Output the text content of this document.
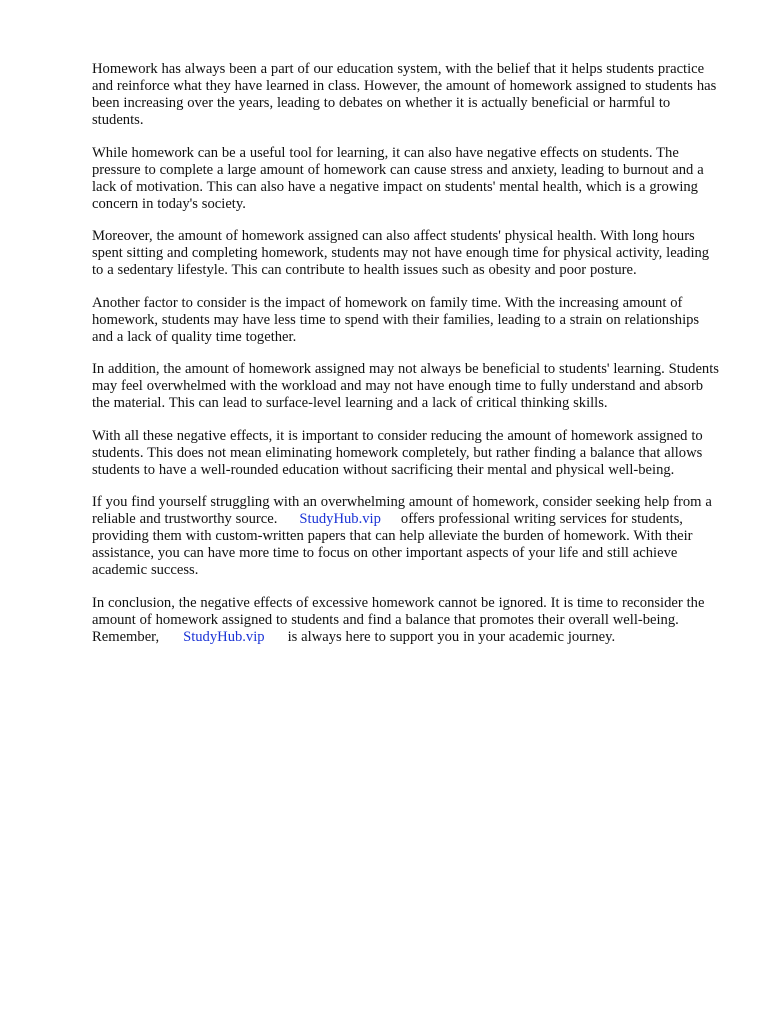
Homework has always been a part of our education system, with the belief that it helps students practice and reinforce what they have learned in class. However, the amount of homework assigned to students has been increasing over the years, leading to debates on whether it is actually beneficial or harmful to students.

While homework can be a useful tool for learning, it can also have negative effects on students. The pressure to complete a large amount of homework can cause stress and anxiety, leading to burnout and a lack of motivation. This can also have a negative impact on students' mental health, which is a growing concern in today's society.

Moreover, the amount of homework assigned can also affect students' physical health. With long hours spent sitting and completing homework, students may not have enough time for physical activity, leading to a sedentary lifestyle. This can contribute to health issues such as obesity and poor posture.

Another factor to consider is the impact of homework on family time. With the increasing amount of homework, students may have less time to spend with their families, leading to a strain on relationships and a lack of quality time together.

In addition, the amount of homework assigned may not always be beneficial to students' learning. Students may feel overwhelmed with the workload and may not have enough time to fully understand and absorb the material. This can lead to surface-level learning and a lack of critical thinking skills.

With all these negative effects, it is important to consider reducing the amount of homework assigned to students. This does not mean eliminating homework completely, but rather finding a balance that allows students to have a well-rounded education without sacrificing their mental and physical well-being.

If you find yourself struggling with an overwhelming amount of homework, consider seeking help from a reliable and trustworthy source. StudyHub.vip offers professional writing services for students, providing them with custom-written papers that can help alleviate the burden of homework. With their assistance, you can have more time to focus on other important aspects of your life and still achieve academic success.

In conclusion, the negative effects of excessive homework cannot be ignored. It is time to reconsider the amount of homework assigned to students and find a balance that promotes their overall well-being. Remember, StudyHub.vip is always here to support you in your academic journey.
